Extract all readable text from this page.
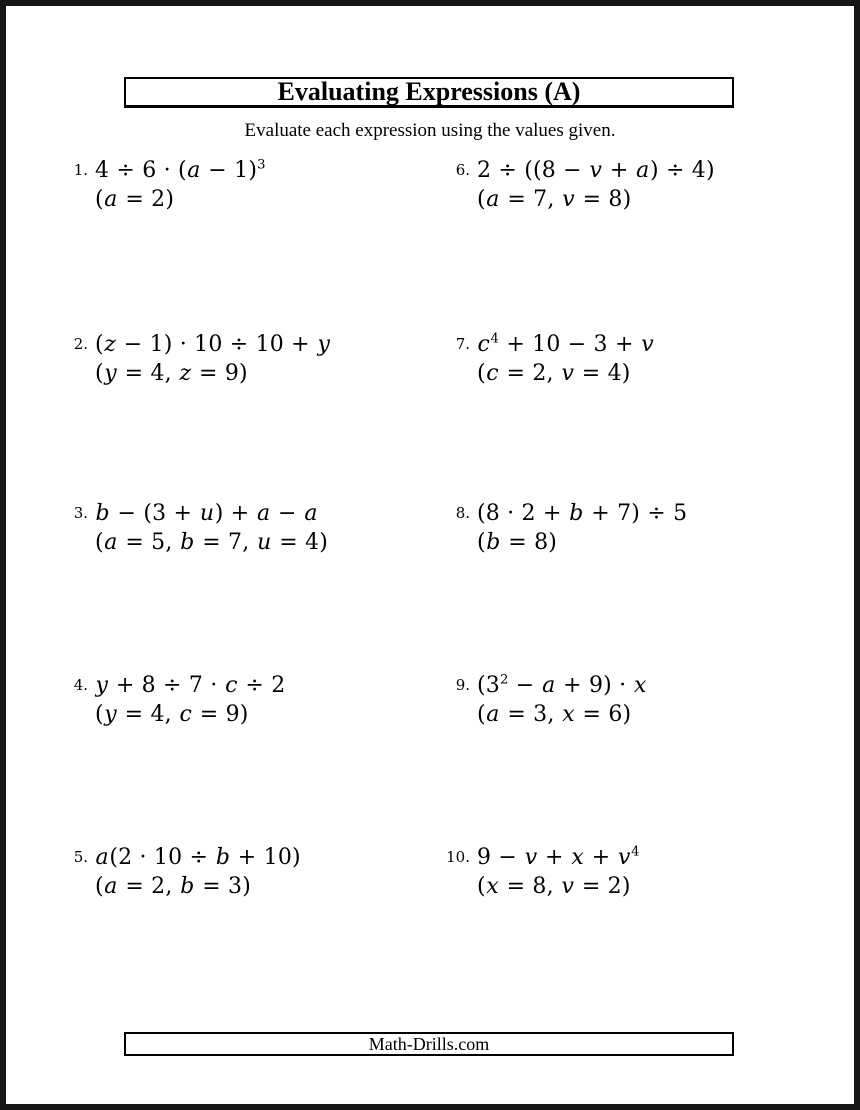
Evaluating Expressions (A)
Evaluate each expression using the values given.
1. $4 \div 6 \cdot (a - 1)^3$
(a = 2)
2. (z − 1) · 10 ÷ 10 + y
(y = 4, z = 9)
3. b − (3 + u) + a − a
(a = 5, b = 7, u = 4)
4. y + 8 ÷ 7 · c ÷ 2
(y = 4, c = 9)
5. a(2 · 10 ÷ b + 10)
(a = 2, b = 3)
6. 2 ÷ ((8 − v + a) ÷ 4)
(a = 7, v = 8)
7. $c^4 + 10 - 3 + v$
(c = 2, v = 4)
8. (8 · 2 + b + 7) ÷ 5
(b = 8)
9. $(3^2 - a + 9) \cdot x$
(a = 3, x = 6)
10. $9 - v + x + v^4$
(x = 8, v = 2)
Math-Drills.com
